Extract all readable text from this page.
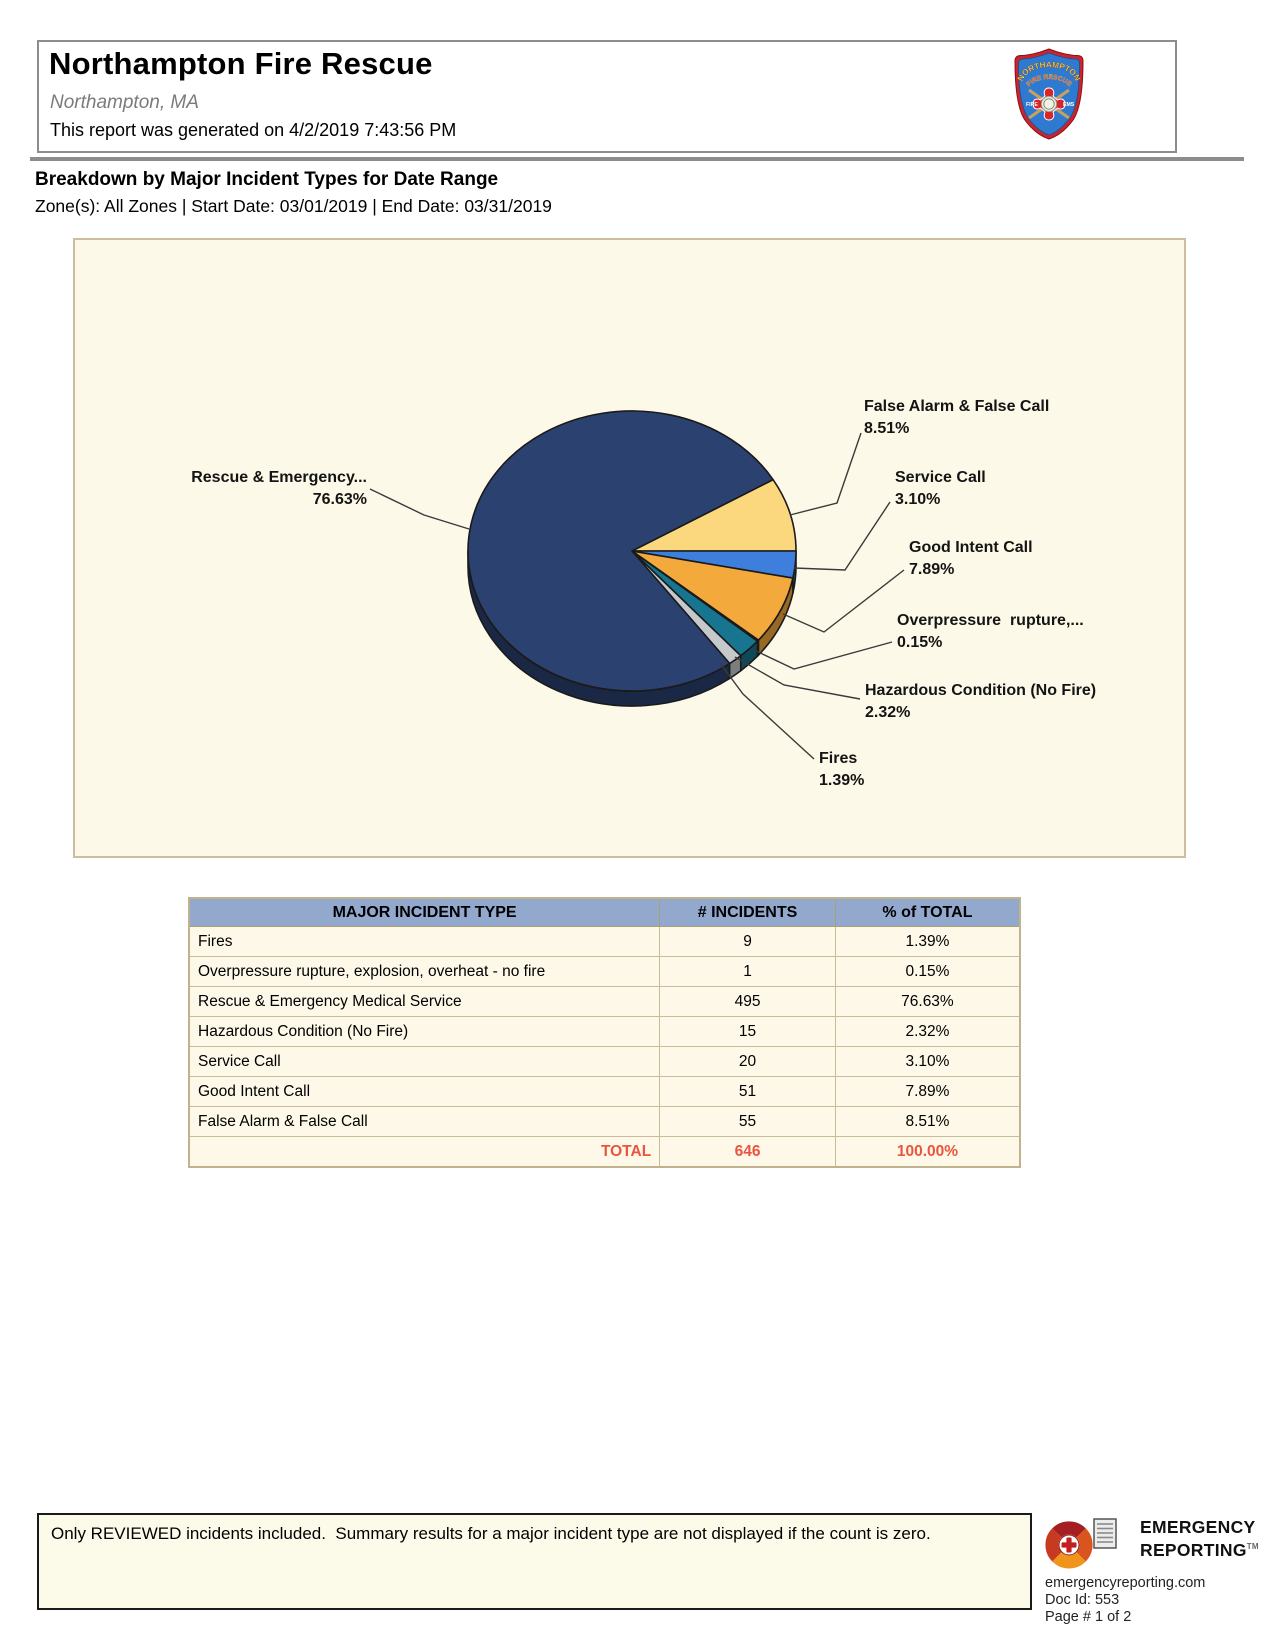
Northampton Fire Rescue
Northampton, MA
This report was generated on 4/2/2019 7:43:56 PM
NORTHAMPTON
FIRE RESCUE
FIRE	EMS
Breakdown by Major Incident Types for Date Range
Zone(s): All Zones | Start Date: 03/01/2019 | End Date: 03/31/2019
False Alarm & False Call 8.51%
Service Call 3.10%
Good Intent Call 7.89%
Overpressure  rupture,... 0.15%
Hazardous Condition (No Fire) 2.32%
Fires 1.39%
Rescue & Emergency... 76.63%
MAJOR INCIDENT TYPE	# INCIDENTS	% of TOTAL
Fires	9	1.39%
Overpressure rupture, explosion, overheat - no fire	1	0.15%
Rescue & Emergency Medical Service	495	76.63%
Hazardous Condition (No Fire)	15	2.32%
Service Call	20	3.10%
Good Intent Call	51	7.89%
False Alarm & False Call	55	8.51%
TOTAL	646	100.00%
Only REVIEWED incidents included.  Summary results for a major incident type are not displayed if the count is zero.	EMERGENCY
REPORTING™
emergencyreporting.com
Doc Id: 553
Page # 1 of 2
